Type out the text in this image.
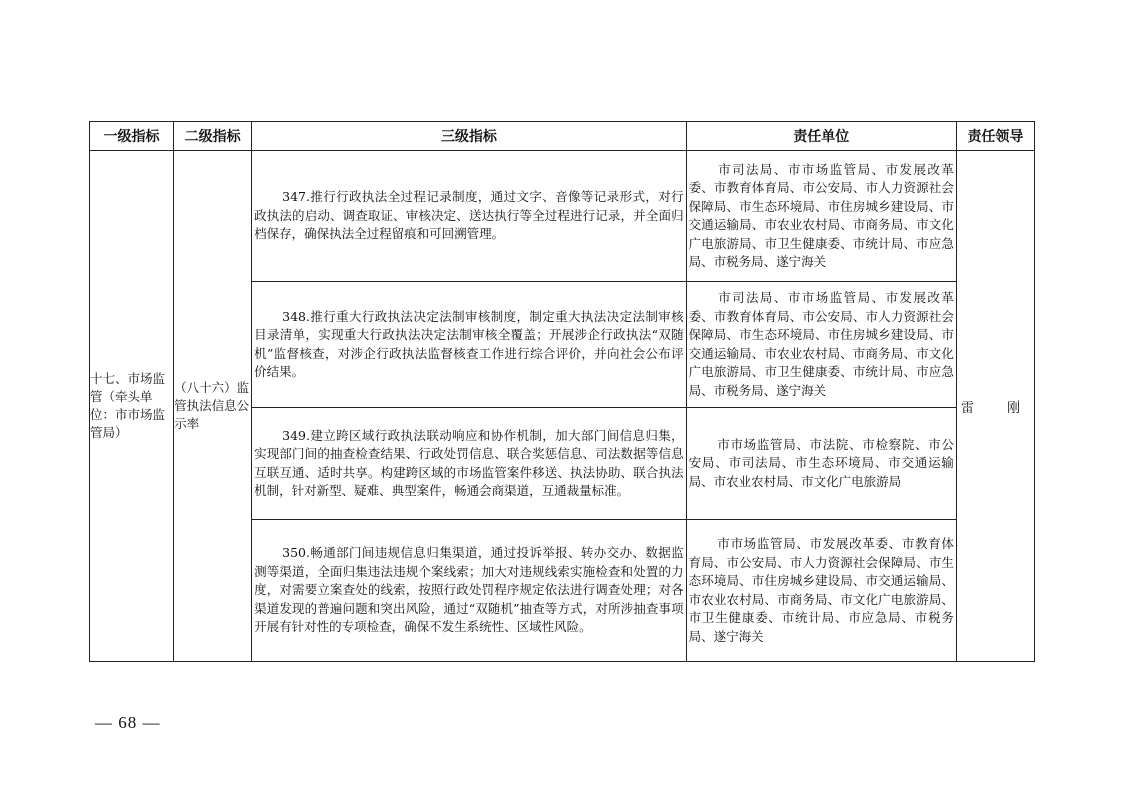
一级指标	二级指标	三级指标	责任单位	责任领导

十七、市场监管（牵头单位：市市场监管局）	（八十六）监管执法信息公示率	347.推行行政执法全过程记录制度，通过文字、音像等记录形式，对行政执法的启动、调查取证、审核决定、送达执行等全过程进行记录，并全面归档保存，确保执法全过程留痕和可回溯管理。	市司法局、市市场监管局、市发展改革委、市教育体育局、市公安局、市人力资源社会保障局、市生态环境局、市住房城乡建设局、市交通运输局、市农业农村局、市商务局、市文化广电旅游局、市卫生健康委、市统计局、市应急局、市税务局、遂宁海关	雷　刚

		348.推行重大行政执法决定法制审核制度，制定重大执法决定法制审核目录清单，实现重大行政执法决定法制审核全覆盖；开展涉企行政执法“双随机”监督核查，对涉企行政执法监督核查工作进行综合评价，并向社会公布评价结果。	市司法局、市市场监管局、市发展改革委、市教育体育局、市公安局、市人力资源社会保障局、市生态环境局、市住房城乡建设局、市交通运输局、市农业农村局、市商务局、市文化广电旅游局、市卫生健康委、市统计局、市应急局、市税务局、遂宁海关	

		349.建立跨区域行政执法联动响应和协作机制，加大部门间信息归集，实现部门间的抽查检查结果、行政处罚信息、联合奖惩信息、司法数据等信息互联互通、适时共享。构建跨区域的市场监管案件移送、执法协助、联合执法机制，针对新型、疑难、典型案件，畅通会商渠道，互通裁量标准。	市市场监管局、市法院、市检察院、市公安局、市司法局、市生态环境局、市交通运输局、市农业农村局、市文化广电旅游局	

		350.畅通部门间违规信息归集渠道，通过投诉举报、转办交办、数据监测等渠道，全面归集违法违规个案线索；加大对违规线索实施检查和处置的力度，对需要立案查处的线索，按照行政处罚程序规定依法进行调查处理；对各渠道发现的普遍问题和突出风险，通过“双随机”抽查等方式，对所涉抽查事项开展有针对性的专项检查，确保不发生系统性、区域性风险。	市市场监管局、市发展改革委、市教育体育局、市公安局、市人力资源社会保障局、市生态环境局、市住房城乡建设局、市交通运输局、市农业农村局、市商务局、市文化广电旅游局、市卫生健康委、市统计局、市应急局、市税务局、遂宁海关	
— 68 —
